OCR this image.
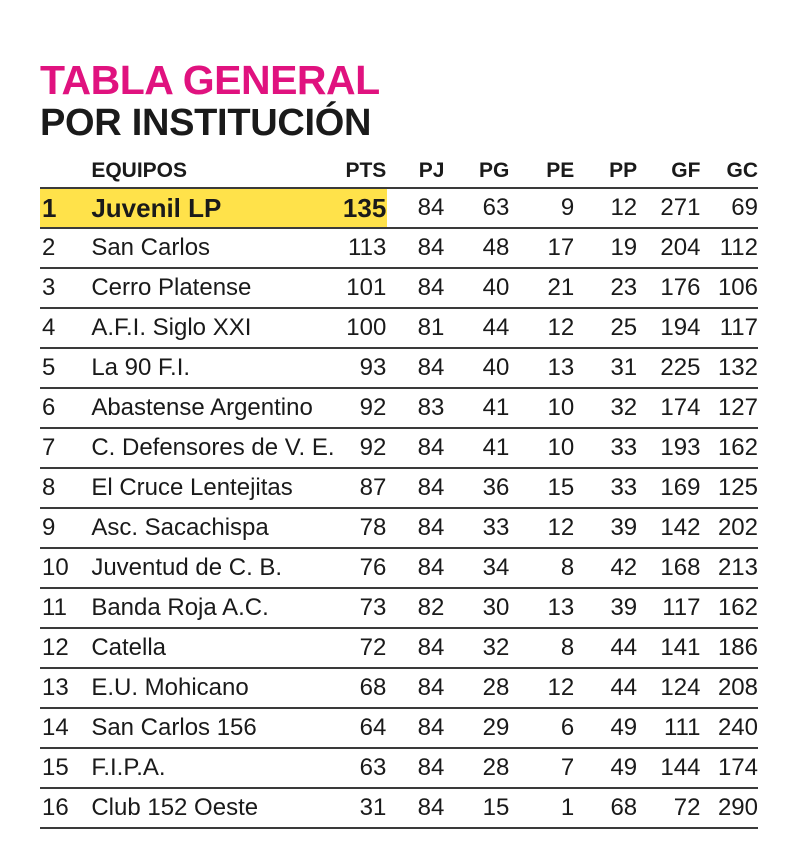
TABLA GENERAL
POR INSTITUCIÓN
	EQUIPOS	PTS	PJ	PG	PE	PP	GF	GC
1	Juvenil LP	135	84	63	9	12	271	69
2	San Carlos	113	84	48	17	19	204	112
3	Cerro Platense	101	84	40	21	23	176	106
4	A.F.I. Siglo XXI	100	81	44	12	25	194	117
5	La 90 F.I.	93	84	40	13	31	225	132
6	Abastense Argentino	92	83	41	10	32	174	127
7	C. Defensores de V. E.	92	84	41	10	33	193	162
8	El Cruce Lentejitas	87	84	36	15	33	169	125
9	Asc. Sacachispa	78	84	33	12	39	142	202
10	Juventud de C. B.	76	84	34	8	42	168	213
11	Banda Roja A.C.	73	82	30	13	39	117	162
12	Catella	72	84	32	8	44	141	186
13	E.U. Mohicano	68	84	28	12	44	124	208
14	San Carlos 156	64	84	29	6	49	111	240
15	F.I.P.A.	63	84	28	7	49	144	174
16	Club 152 Oeste	31	84	15	1	68	72	290
